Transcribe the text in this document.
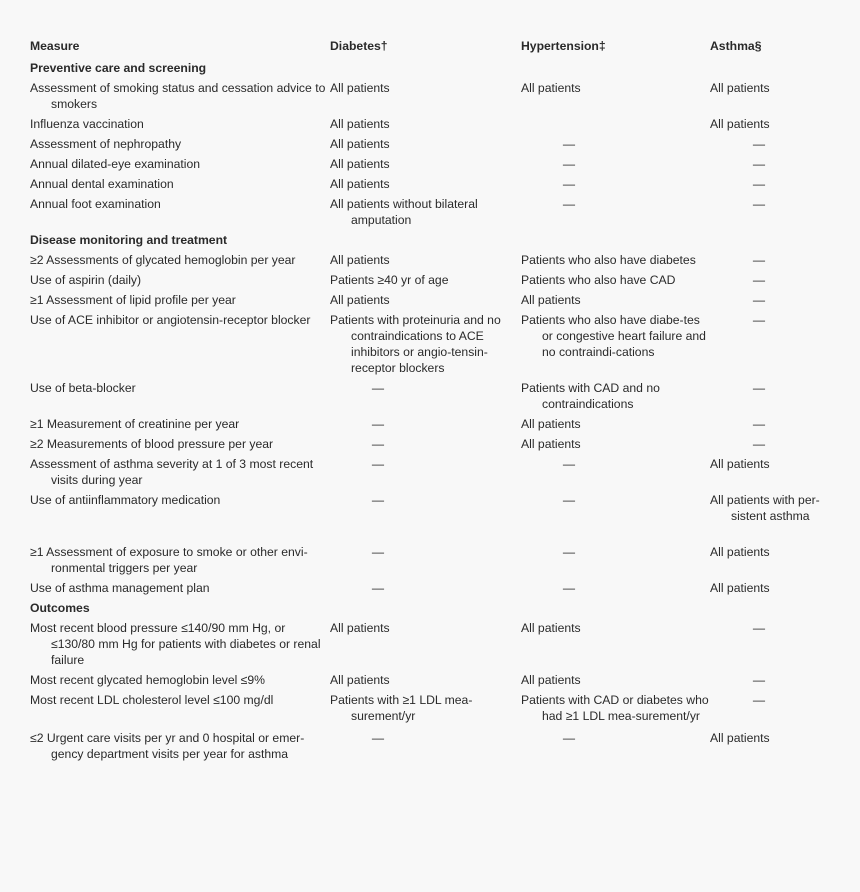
Measure	Diabetes†	Hypertension‡	Asthma§
Preventive care and screening			

Assessment of smoking status and cessation advice to smokers	All patients	All patients	All patients

Influenza vaccination	All patients		All patients

Assessment of nephropathy	All patients	—	—

Annual dilated-eye examination	All patients	—	—

Annual dental examination	All patients	—	—

Annual foot examination	All patients without bilateral amputation	—	—

Disease monitoring and treatment			

≥2 Assessments of glycated hemoglobin per year	All patients	Patients who also have diabetes	—

Use of aspirin (daily)	Patients ≥40 yr of age	Patients who also have CAD	—

≥1 Assessment of lipid profile per year	All patients	All patients	—

Use of ACE inhibitor or angiotensin-receptor blocker	Patients with proteinuria and no contraindications to ACE inhibitors or angio-tensin-receptor blockers	Patients who also have diabe-tes or congestive heart failure and no contraindi-cations	—

Use of beta-blocker	—	Patients with CAD and no contraindications	—

≥1 Measurement of creatinine per year	—	All patients	—

≥2 Measurements of blood pressure per year	—	All patients	—

Assessment of asthma severity at 1 of 3 most recent visits during year	—	—	All patients

Use of antiinflammatory medication	—	—	All patients with per-sistent asthma

≥1 Assessment of exposure to smoke or other envi-ronmental triggers per year	—	—	All patients

Use of asthma management plan	—	—	All patients

Outcomes			

Most recent blood pressure ≤140/90 mm Hg, or ≤130/80 mm Hg for patients with diabetes or renal failure	All patients	All patients	—

Most recent glycated hemoglobin level ≤9%	All patients	All patients	—

Most recent LDL cholesterol level ≤100 mg/dl	Patients with ≥1 LDL mea-surement/yr	Patients with CAD or diabetes who had ≥1 LDL mea-surement/yr	—

≤2 Urgent care visits per yr and 0 hospital or emer-gency department visits per year for asthma	—	—	All patients
